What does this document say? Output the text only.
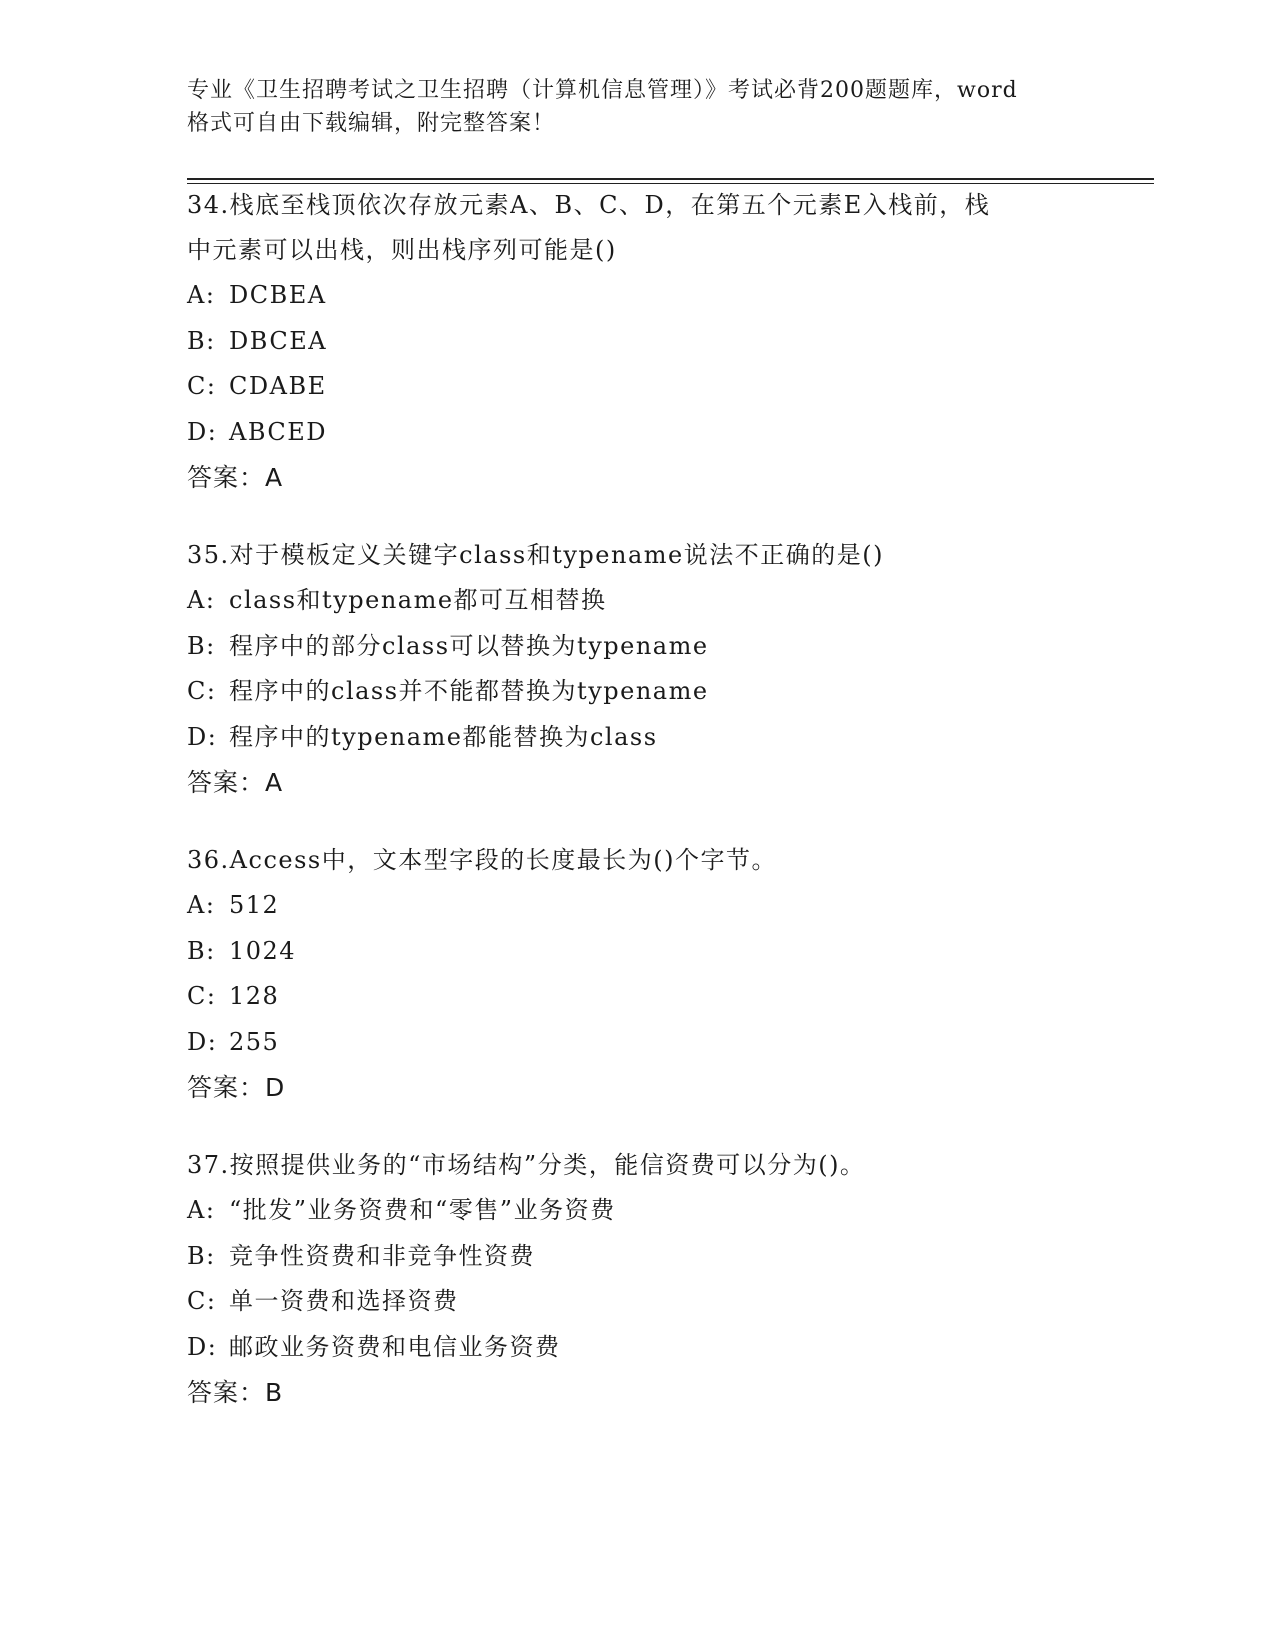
专业《卫生招聘考试之卫生招聘（计算机信息管理）》考试必背200题题库，word
格式可自由下载编辑，附完整答案！
34.栈底至栈顶依次存放元素A、B、C、D，在第五个元素E入栈前，栈
中元素可以出栈，则出栈序列可能是()
A: DCBEA
B: DBCEA
C: CDABE
D: ABCED
答案：A
35.对于模板定义关键字class和typename说法不正确的是()
A: class和typename都可互相替换
B: 程序中的部分class可以替换为typename
C: 程序中的class并不能都替换为typename
D: 程序中的typename都能替换为class
答案：A
36.Access中，文本型字段的长度最长为()个字节。
A: 512
B: 1024
C: 128
D: 255
答案：D
37.按照提供业务的“市场结构”分类，能信资费可以分为()。
A: “批发”业务资费和“零售”业务资费
B: 竞争性资费和非竞争性资费
C: 单一资费和选择资费
D: 邮政业务资费和电信业务资费
答案：B
